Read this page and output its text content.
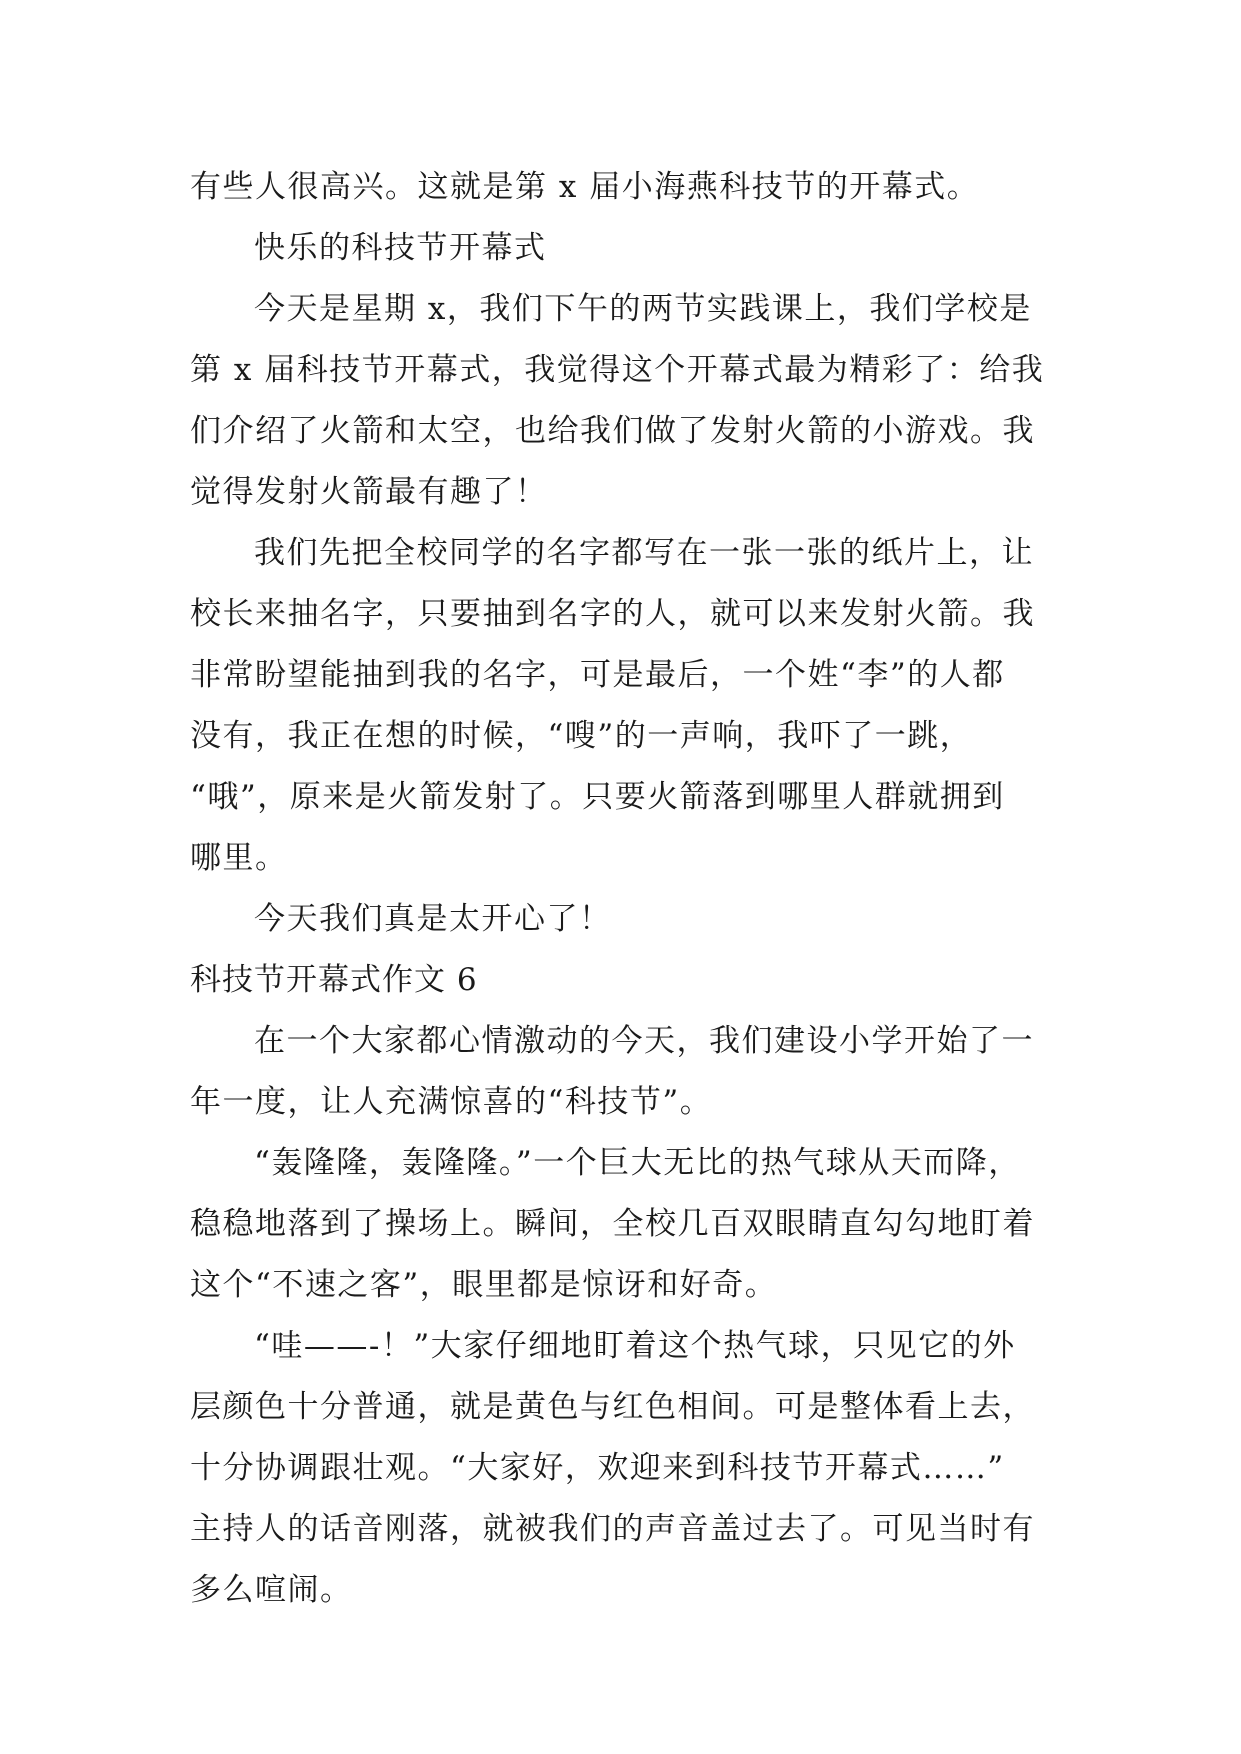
有些人很高兴。这就是第 x 届小海燕科技节的开幕式。
快乐的科技节开幕式
今天是星期 x，我们下午的两节实践课上，我们学校是
第 x 届科技节开幕式，我觉得这个开幕式最为精彩了：给我
们介绍了火箭和太空，也给我们做了发射火箭的小游戏。我
觉得发射火箭最有趣了！
我们先把全校同学的名字都写在一张一张的纸片上，让
校长来抽名字，只要抽到名字的人，就可以来发射火箭。我
非常盼望能抽到我的名字，可是最后，一个姓“李”的人都
没有，我正在想的时候，“嗖”的一声响，我吓了一跳，
“哦”，原来是火箭发射了。只要火箭落到哪里人群就拥到
哪里。
今天我们真是太开心了！
科技节开幕式作文 6
在一个大家都心情激动的今天，我们建设小学开始了一
年一度，让人充满惊喜的“科技节”。
“轰隆隆，轰隆隆。”一个巨大无比的热气球从天而降，
稳稳地落到了操场上。瞬间，全校几百双眼睛直勾勾地盯着
这个“不速之客”，眼里都是惊讶和好奇。
“哇——-！”大家仔细地盯着这个热气球，只见它的外
层颜色十分普通，就是黄色与红色相间。可是整体看上去，
十分协调跟壮观。“大家好，欢迎来到科技节开幕式……”
主持人的话音刚落，就被我们的声音盖过去了。可见当时有
多么喧闹。
